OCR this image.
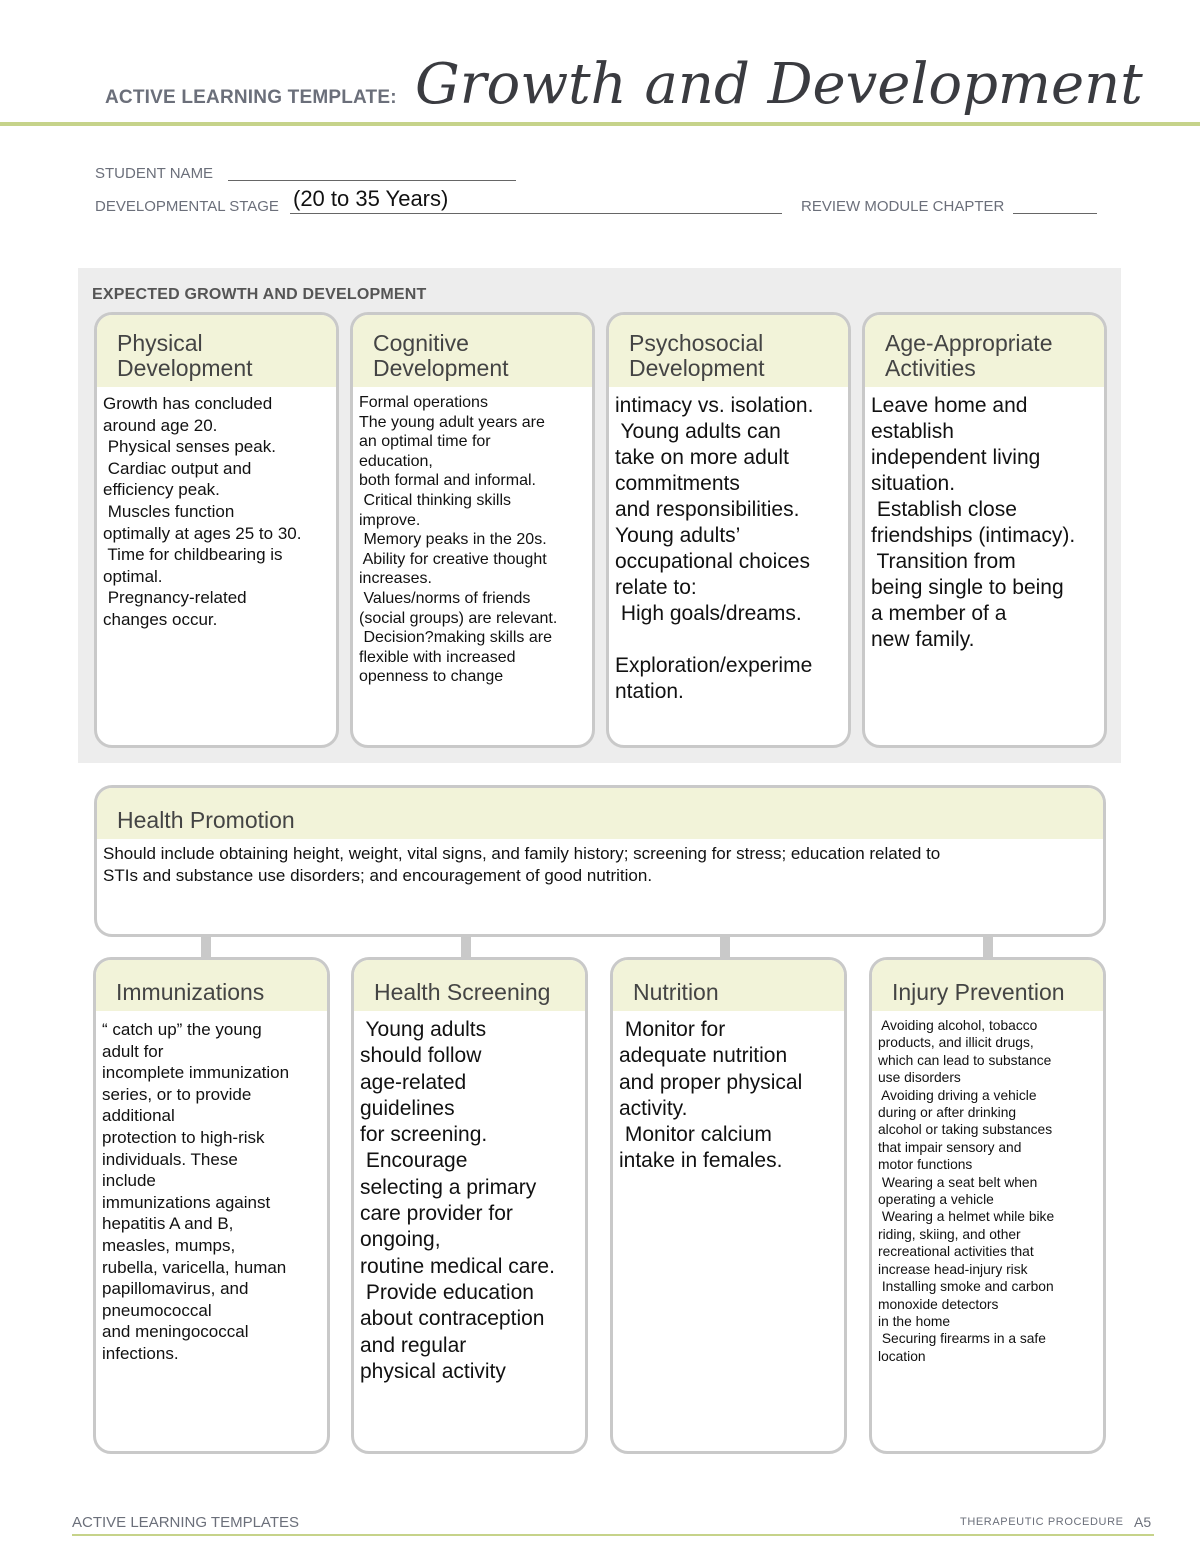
ACTIVE LEARNING TEMPLATE: Growth and Development
STUDENT NAME
DEVELOPMENTAL STAGE (20 to 35 Years)	REVIEW MODULE CHAPTER
EXPECTED GROWTH AND DEVELOPMENT
Physical
Development
Growth has concluded
around age 20.
Physical senses peak.
Cardiac output and
efficiency peak.
Muscles function
optimally at ages 25 to 30.
Time for childbearing is
optimal.
Pregnancy-related
changes occur.
Cognitive
Development
Formal operations
The young adult years are
an optimal time for
education,
both formal and informal.
Critical thinking skills
improve.
Memory peaks in the 20s.
Ability for creative thought
increases.
Values/norms of friends
(social groups) are relevant.
Decision?making skills are
flexible with increased
openness to change
Psychosocial
Development
intimacy vs. isolation.
Young adults can
take on more adult
commitments
and responsibilities.
Young adults’
occupational choices
relate to:
High goals/dreams.
Exploration/experime
ntation.
Age-Appropriate
Activities
Leave home and
establish
independent living
situation.
Establish close
friendships (intimacy).
Transition from
being single to being
a member of a
new family.
Health Promotion
Should include obtaining height, weight, vital signs, and family history; screening for stress; education related to
STIs and substance use disorders; and encouragement of good nutrition.
Immunizations
“ catch up” the young
adult for
incomplete immunization
series, or to provide
additional
protection to high-risk
individuals. These
include
immunizations against
hepatitis A and B,
measles, mumps,
rubella, varicella, human
papillomavirus, and
pneumococcal
and meningococcal
infections.
Health Screening
Young adults
should follow
age-related
guidelines
for screening.
Encourage
selecting a primary
care provider for
ongoing,
routine medical care.
Provide education
about contraception
and regular
physical activity
Nutrition
Monitor for
adequate nutrition
and proper physical
activity.
Monitor calcium
intake in females.
Injury Prevention
Avoiding alcohol, tobacco
products, and illicit drugs,
which can lead to substance
use disorders
Avoiding driving a vehicle
during or after drinking
alcohol or taking substances
that impair sensory and
motor functions
Wearing a seat belt when
operating a vehicle
Wearing a helmet while bike
riding, skiing, and other
recreational activities that
increase head-injury risk
Installing smoke and carbon
monoxide detectors
in the home
Securing firearms in a safe
location
ACTIVE LEARNING TEMPLATES	THERAPEUTIC PROCEDURE A5
